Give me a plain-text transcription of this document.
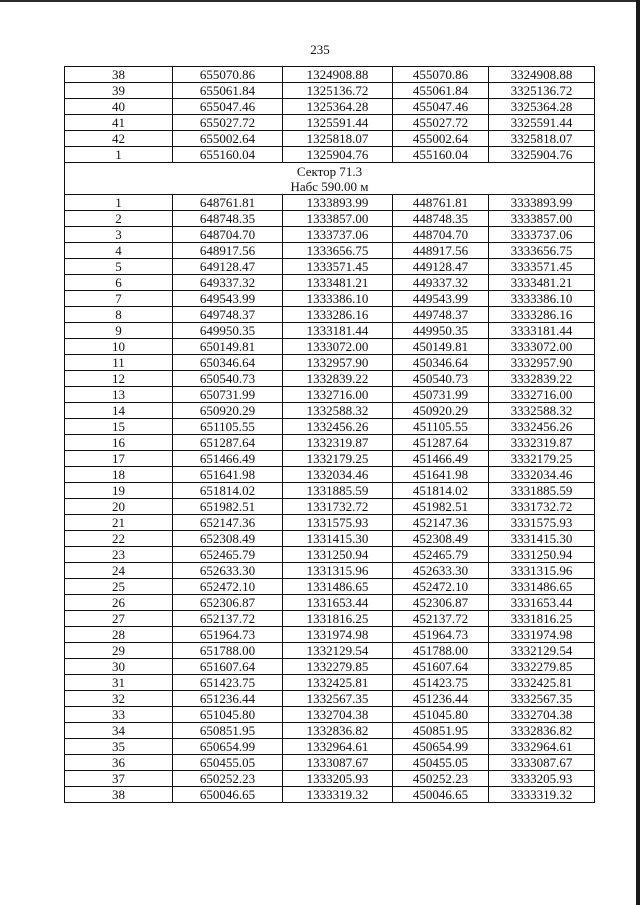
235
38	655070.86	1324908.88	455070.86	3324908.88
39	655061.84	1325136.72	455061.84	3325136.72
40	655047.46	1325364.28	455047.46	3325364.28
41	655027.72	1325591.44	455027.72	3325591.44
42	655002.64	1325818.07	455002.64	3325818.07
1	655160.04	1325904.76	455160.04	3325904.76

Сектор 71.3
Набс 590.00 м				

1	648761.81	1333893.99	448761.81	3333893.99
2	648748.35	1333857.00	448748.35	3333857.00
3	648704.70	1333737.06	448704.70	3333737.06
4	648917.56	1333656.75	448917.56	3333656.75
5	649128.47	1333571.45	449128.47	3333571.45
6	649337.32	1333481.21	449337.32	3333481.21
7	649543.99	1333386.10	449543.99	3333386.10
8	649748.37	1333286.16	449748.37	3333286.16
9	649950.35	1333181.44	449950.35	3333181.44
10	650149.81	1333072.00	450149.81	3333072.00
11	650346.64	1332957.90	450346.64	3332957.90
12	650540.73	1332839.22	450540.73	3332839.22
13	650731.99	1332716.00	450731.99	3332716.00
14	650920.29	1332588.32	450920.29	3332588.32
15	651105.55	1332456.26	451105.55	3332456.26
16	651287.64	1332319.87	451287.64	3332319.87
17	651466.49	1332179.25	451466.49	3332179.25
18	651641.98	1332034.46	451641.98	3332034.46
19	651814.02	1331885.59	451814.02	3331885.59
20	651982.51	1331732.72	451982.51	3331732.72
21	652147.36	1331575.93	452147.36	3331575.93
22	652308.49	1331415.30	452308.49	3331415.30
23	652465.79	1331250.94	452465.79	3331250.94
24	652633.30	1331315.96	452633.30	3331315.96
25	652472.10	1331486.65	452472.10	3331486.65
26	652306.87	1331653.44	452306.87	3331653.44
27	652137.72	1331816.25	452137.72	3331816.25
28	651964.73	1331974.98	451964.73	3331974.98
29	651788.00	1332129.54	451788.00	3332129.54
30	651607.64	1332279.85	451607.64	3332279.85
31	651423.75	1332425.81	451423.75	3332425.81
32	651236.44	1332567.35	451236.44	3332567.35
33	651045.80	1332704.38	451045.80	3332704.38
34	650851.95	1332836.82	450851.95	3332836.82
35	650654.99	1332964.61	450654.99	3332964.61
36	650455.05	1333087.67	450455.05	3333087.67
37	650252.23	1333205.93	450252.23	3333205.93
38	650046.65	1333319.32	450046.65	3333319.32
